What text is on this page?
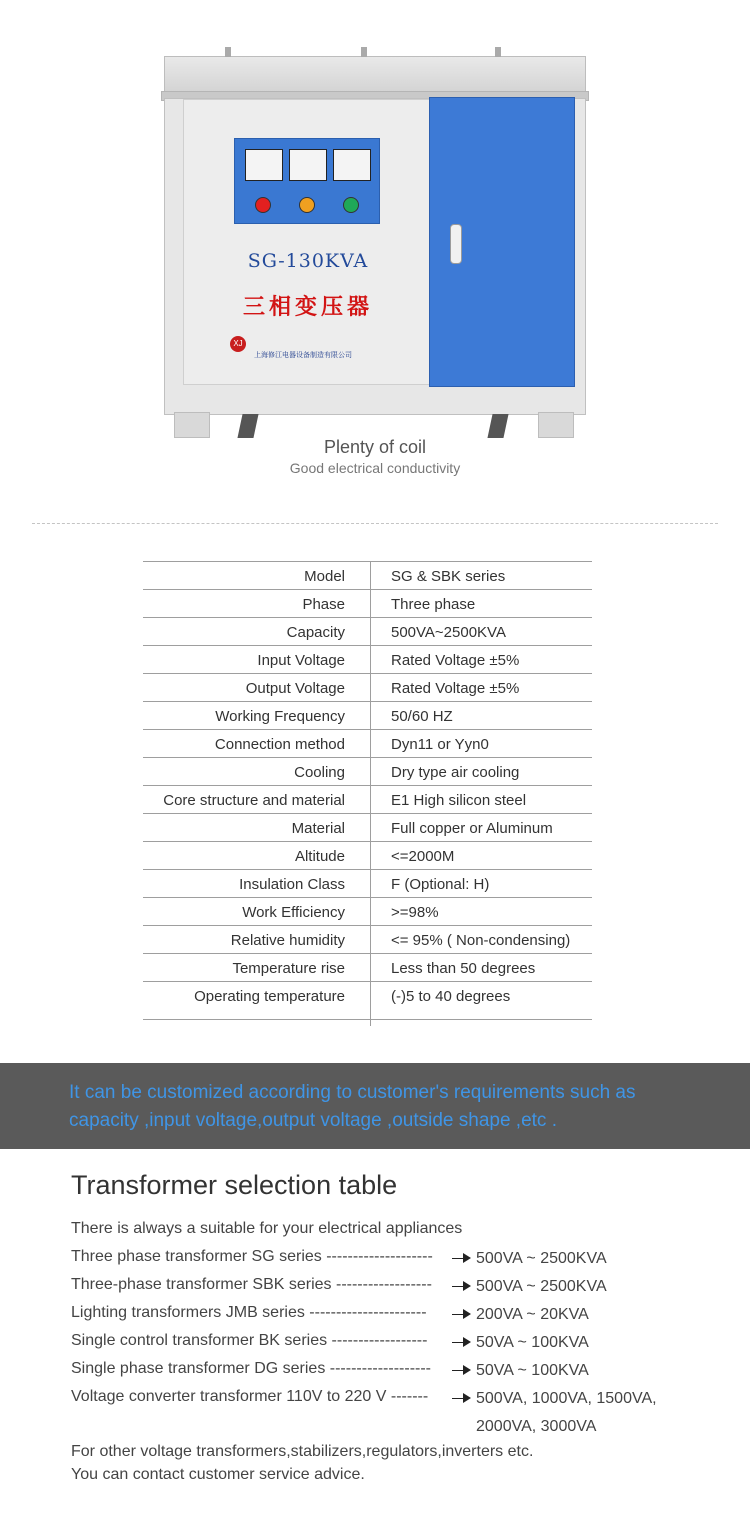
SG-130KVA
三相变压器
XJ
上海修江电器设备制造有限公司
Plenty of coil
Good electrical conductivity
Model	SG & SBK series
Phase	Three phase
Capacity	500VA~2500KVA
Input Voltage	Rated Voltage ±5%
Output Voltage	Rated Voltage ±5%
Working Frequency	50/60 HZ
Connection method	Dyn11 or Yyn0
Cooling	Dry type air cooling
Core structure and material	E1 High silicon steel
Material	Full copper or Aluminum
Altitude	<=2000M
Insulation Class	F (Optional: H)
Work Efficiency	>=98%
Relative humidity	<= 95% ( Non-condensing)
Temperature rise	Less than 50 degrees
Operating temperature	(-)5 to 40 degrees

It can be customized according to customer's requirements such as capacity ,input voltage,output voltage ,outside shape ,etc .

Transformer selection table
There is always a suitable for your electrical appliances
Three phase transformer SG series --------------------	500VA ~ 2500KVA
Three-phase transformer SBK series ------------------	500VA ~ 2500KVA
Lighting transformers JMB series ----------------------	200VA ~ 20KVA
Single control transformer BK series ------------------	50VA ~ 100KVA
Single phase transformer DG series -------------------	50VA ~ 100KVA
Voltage converter transformer 110V to 220 V -------	500VA, 1000VA, 1500VA,
2000VA, 3000VA
For other voltage transformers,stabilizers,regulators,inverters etc.
You can contact customer service advice.
